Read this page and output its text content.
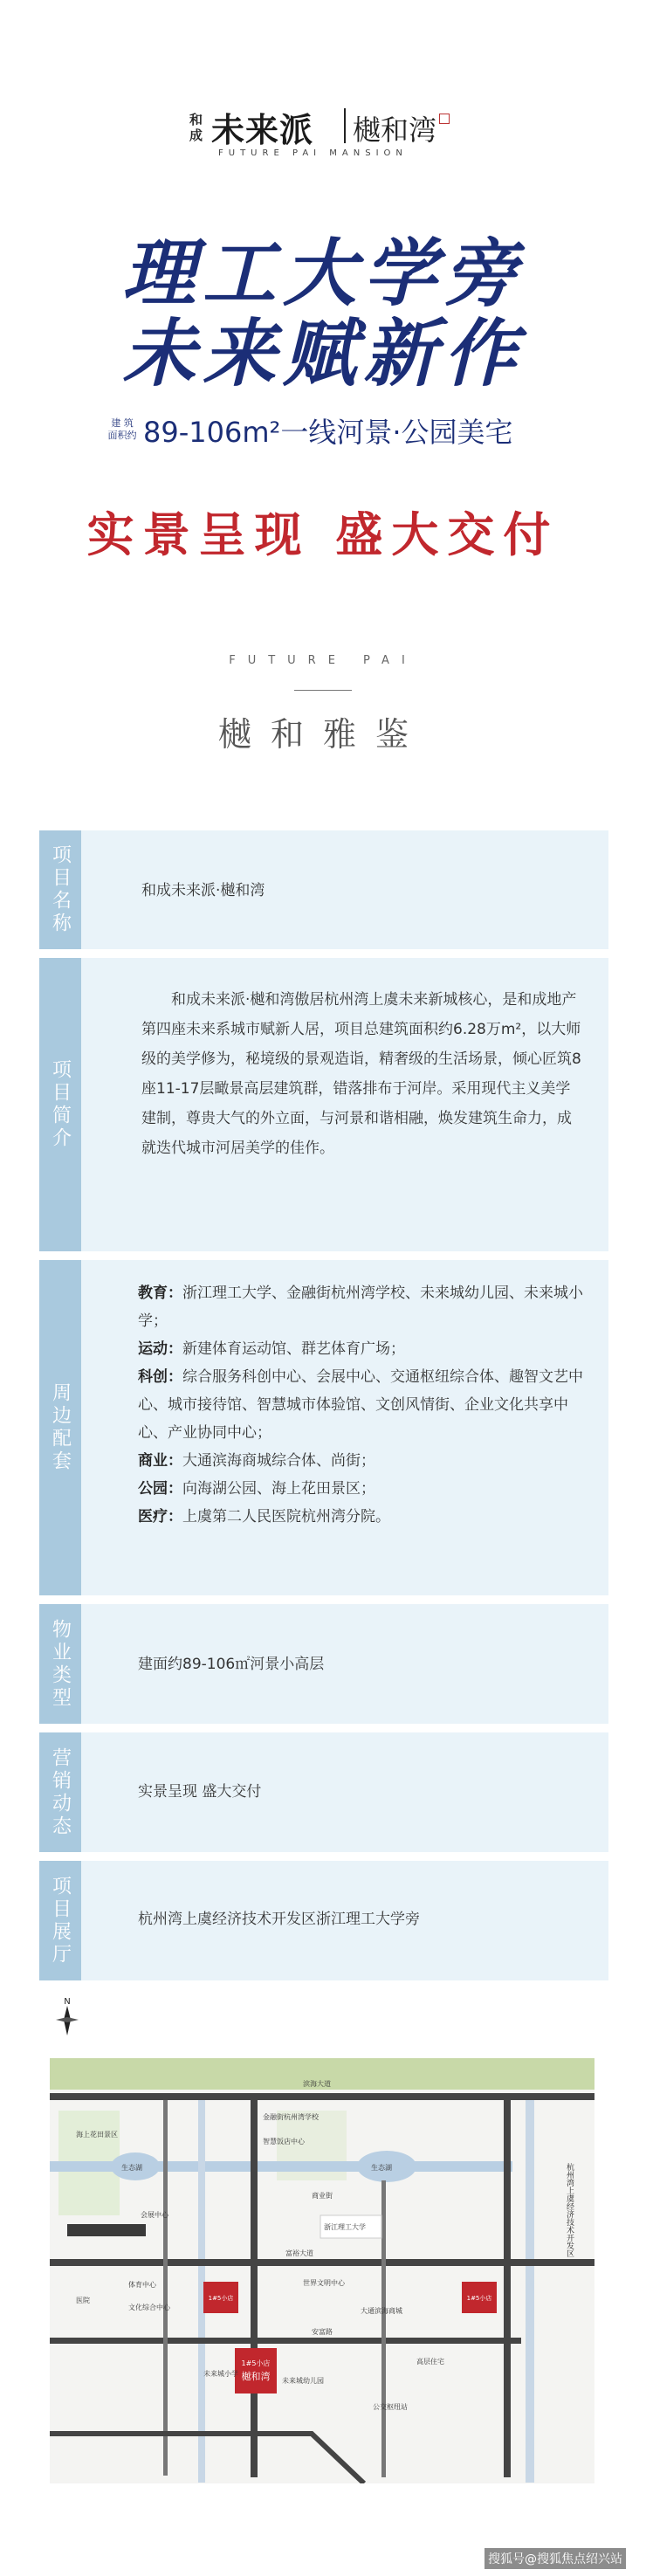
和成 未来派 樾和湾
FUTURE PAI MANSION
理工大学旁
未来赋新作
建 筑
面积约 89-106m²一线河景·公园美宅
实景呈现 盛大交付
FUTURE PAI
樾和雅鉴
项目名称	和成未来派·樾和湾
项目简介
和成未来派·樾和湾傲居杭州湾上虞未来新城核心，是和成地产第四座未来系城市赋新人居，项目总建筑面积约6.28万m²，以大师级的美学修为，秘境级的景观造诣，精奢级的生活场景，倾心匠筑8座11-17层瞰景高层建筑群，错落排布于河岸。采用现代主义美学建制，尊贵大气的外立面，与河景和谐相融，焕发建筑生命力，成就迭代城市河居美学的佳作。
周边配套
教育：浙江理工大学、金融街杭州湾学校、未来城幼儿园、未来城小学；
运动：新建体育运动馆、群艺体育广场；
科创：综合服务科创中心、会展中心、交通枢纽综合体、趣智文艺中心、城市接待馆、智慧城市体验馆、文创风情街、企业文化共享中心、产业协同中心；
商业：大通滨海商城综合体、尚街；
公园：向海湖公园、海上花田景区；
医疗：上虞第二人民医院杭州湾分院。
物业类型	建面约89-106㎡河景小高层
营销动态	实景呈现 盛大交付
项目展厅	杭州湾上虞经济技术开发区浙江理工大学旁
N
1#5小店
樾和湾
1#5小店	1#5小店
滨海大道
富裕大道
安富路
生态湖	生态湖
金融街杭州湾学校
智慧饭店中心
商业街
浙江理工大学
体育中心
文化综合中心
医院
会展中心
世界文明中心
未来城小学
未来城幼儿园
公交枢纽站
大通滨海商城
海上花田景区
高层住宅
杭州湾上虞经济技术开发区
搜狐号@搜狐焦点绍兴站
